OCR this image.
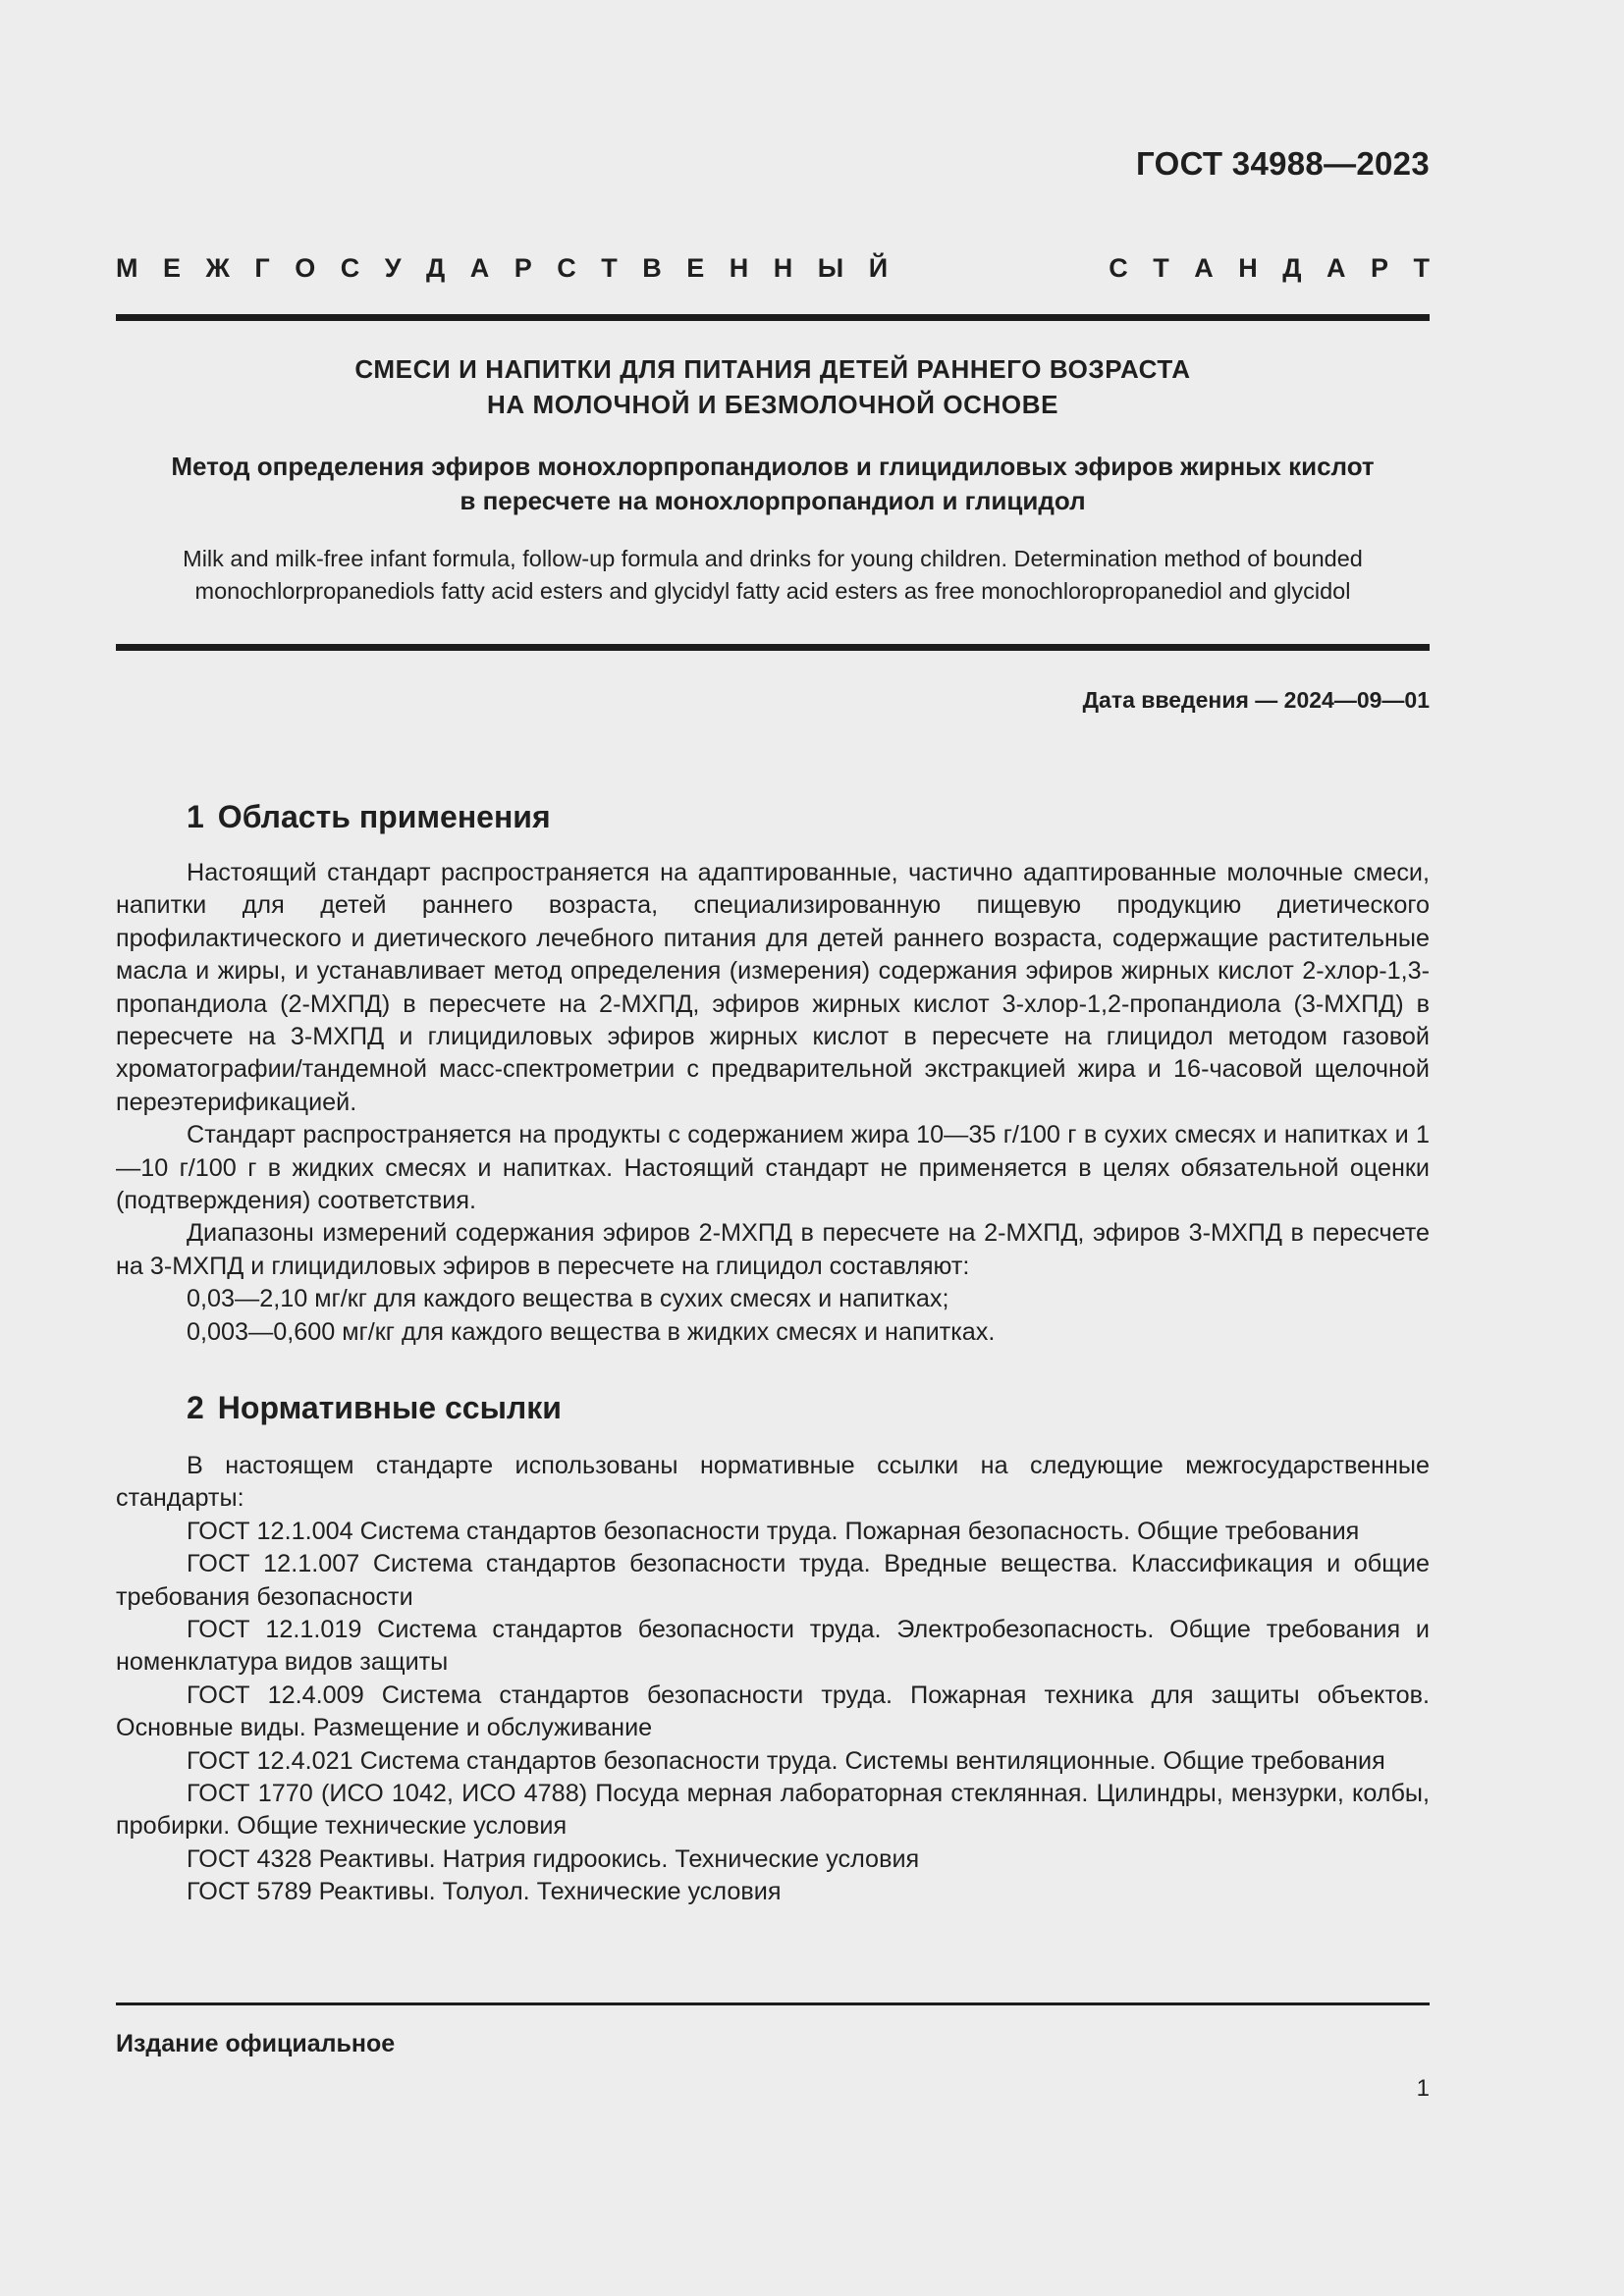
ГОСТ 34988—2023
М Е Ж Г О С У Д А Р С Т В Е Н Н Ы Й	С Т А Н Д А Р Т
СМЕСИ И НАПИТКИ ДЛЯ ПИТАНИЯ ДЕТЕЙ РАННЕГО ВОЗРАСТА
НА МОЛОЧНОЙ И БЕЗМОЛОЧНОЙ ОСНОВЕ
Метод определения эфиров монохлорпропандиолов и глицидиловых эфиров жирных кислот
в пересчете на монохлорпропандиол и глицидол
Milk and milk-free infant formula, follow-up formula and drinks for young children. Determination method of bounded
monochlorpropanediols fatty acid esters and glycidyl fatty acid esters as free monochloropropanediol and glycidol
Дата введения — 2024—09—01
1 Область применения

Настоящий стандарт распространяется на адаптированные, частично адаптированные молочные смеси, напитки для детей раннего возраста, специализированную пищевую продукцию диетического профилактического и диетического лечебного питания для детей раннего возраста, содержащие растительные масла и жиры, и устанавливает метод определения (измерения) содержания эфиров жирных кислот 2-хлор-1,3-пропандиола (2-МХПД) в пересчете на 2-МХПД, эфиров жирных кислот 3-хлор-1,2-пропандиола (3-МХПД) в пересчете на 3-МХПД и глицидиловых эфиров жирных кислот в пересчете на глицидол методом газовой хроматографии/тандемной масс-спектрометрии с предварительной экстракцией жира и 16-часовой щелочной переэтерификацией.

Стандарт распространяется на продукты с содержанием жира 10—35 г/100 г в сухих смесях и напитках и 1—10 г/100 г в жидких смесях и напитках. Настоящий стандарт не применяется в целях обязательной оценки (подтверждения) соответствия.

Диапазоны измерений содержания эфиров 2-МХПД в пересчете на 2-МХПД, эфиров 3-МХПД в пересчете на 3-МХПД и глицидиловых эфиров в пересчете на глицидол составляют:

0,03—2,10 мг/кг для каждого вещества в сухих смесях и напитках;

0,003—0,600 мг/кг для каждого вещества в жидких смесях и напитках.

2 Нормативные ссылки

В настоящем стандарте использованы нормативные ссылки на следующие межгосударственные стандарты:

ГОСТ 12.1.004 Система стандартов безопасности труда. Пожарная безопасность. Общие требования

ГОСТ 12.1.007 Система стандартов безопасности труда. Вредные вещества. Классификация и общие требования безопасности

ГОСТ 12.1.019 Система стандартов безопасности труда. Электробезопасность. Общие требования и номенклатура видов защиты

ГОСТ 12.4.009 Система стандартов безопасности труда. Пожарная техника для защиты объектов. Основные виды. Размещение и обслуживание

ГОСТ 12.4.021 Система стандартов безопасности труда. Системы вентиляционные. Общие требования

ГОСТ 1770 (ИСО 1042, ИСО 4788) Посуда мерная лабораторная стеклянная. Цилиндры, мензурки, колбы, пробирки. Общие технические условия

ГОСТ 4328 Реактивы. Натрия гидроокись. Технические условия

ГОСТ 5789 Реактивы. Толуол. Технические условия

Издание официальное
1
